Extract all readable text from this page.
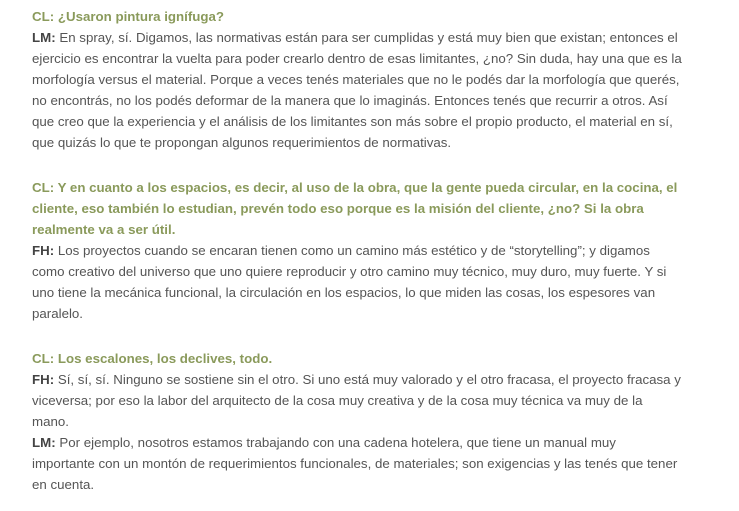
CL: ¿Usaron pintura ignífuga?

LM: En spray, sí. Digamos, las normativas están para ser cumplidas y está muy bien que existan; entonces el ejercicio es encontrar la vuelta para poder crearlo dentro de esas limitantes, ¿no? Sin duda, hay una que es la morfología versus el material. Porque a veces tenés materiales que no le podés dar la morfología que querés, no encontrás, no los podés deformar de la manera que lo imaginás. Entonces tenés que recurrir a otros. Así que creo que la experiencia y el análisis de los limitantes son más sobre el propio producto, el material en sí, que quizás lo que te propongan algunos requerimientos de normativas.

CL: Y en cuanto a los espacios, es decir, al uso de la obra, que la gente pueda circular, en la cocina, el cliente, eso también lo estudian, prevén todo eso porque es la misión del cliente, ¿no? Si la obra realmente va a ser útil.

FH: Los proyectos cuando se encaran tienen como un camino más estético y de “storytelling”; y digamos como creativo del universo que uno quiere reproducir y otro camino muy técnico, muy duro, muy fuerte. Y si uno tiene la mecánica funcional, la circulación en los espacios, lo que miden las cosas, los espesores van paralelo.

CL: Los escalones, los declives, todo.

FH: Sí, sí, sí. Ninguno se sostiene sin el otro. Si uno está muy valorado y el otro fracasa, el proyecto fracasa y viceversa; por eso la labor del arquitecto de la cosa muy creativa y de la cosa muy técnica va muy de la mano.

LM: Por ejemplo, nosotros estamos trabajando con una cadena hotelera, que tiene un manual muy importante con un montón de requerimientos funcionales, de materiales; son exigencias y las tenés que tener en cuenta.
